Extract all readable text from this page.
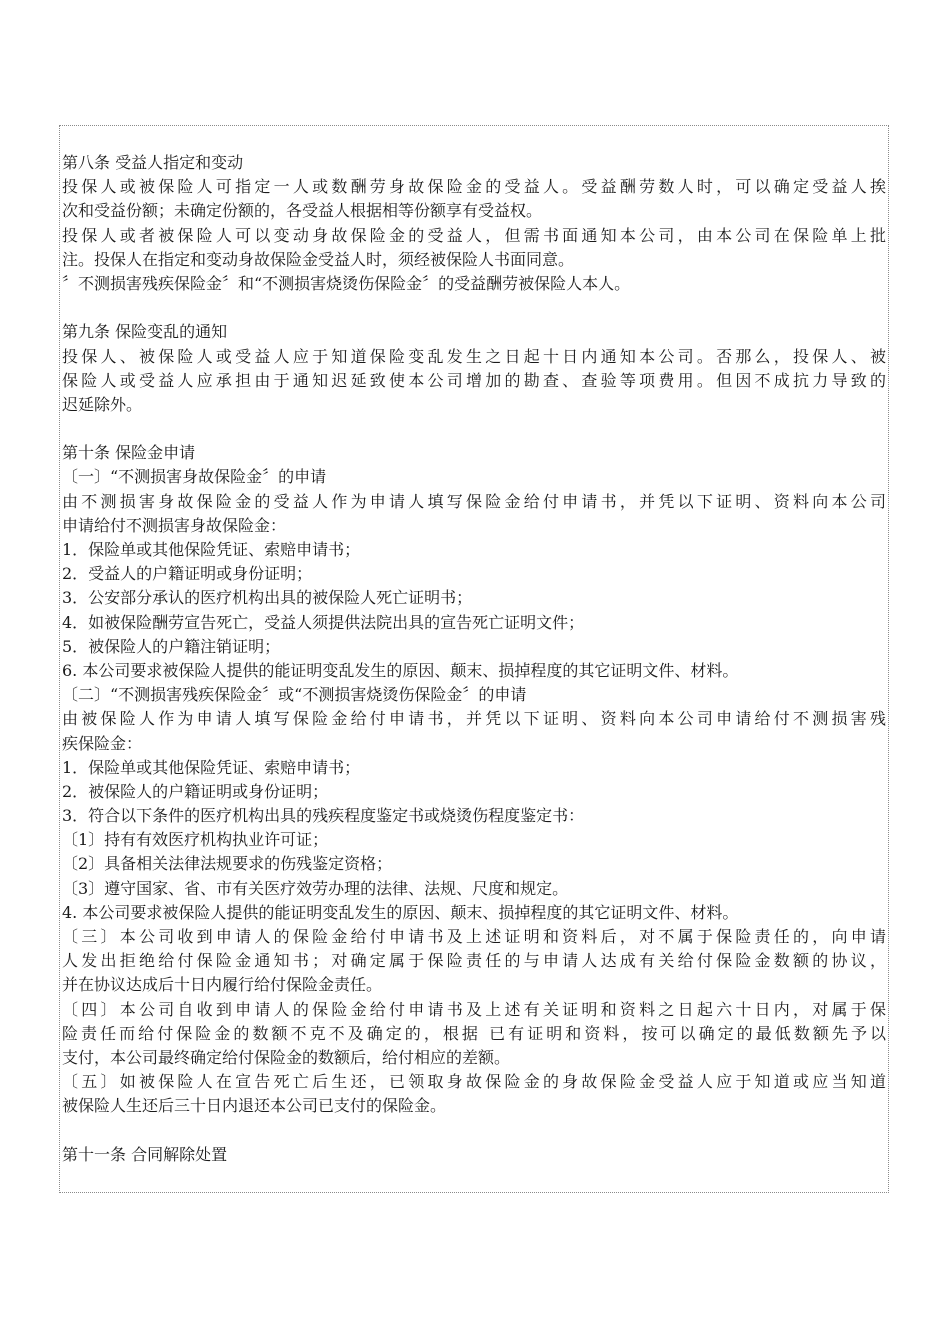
第八条 受益人指定和变动
投保人或被保险人可指定一人或数酬劳身故保险金的受益人。受益酬劳数人时，可以确定受益人挨
次和受益份额；未确定份额的，各受益人根据相等份额享有受益权。
投保人或者被保险人可以变动身故保险金的受益人，但需书面通知本公司，由本公司在保险单上批
注。投保人在指定和变动身故保险金受益人时，须经被保险人书面同意。
〞不测损害残疾保险金〞和“不测损害烧烫伤保险金〞的受益酬劳被保险人本人。
第九条 保险变乱的通知
投保人、被保险人或受益人应于知道保险变乱发生之日起十日内通知本公司。否那么，投保人、被
保险人或受益人应承担由于通知迟延致使本公司增加的勘查、查验等项费用。但因不成抗力导致的
迟延除外。
第十条 保险金申请
〔一〕“不测损害身故保险金〞的申请
由不测损害身故保险金的受益人作为申请人填写保险金给付申请书，并凭以下证明、资料向本公司
申请给付不测损害身故保险金：
1．保险单或其他保险凭证、索赔申请书；
2．受益人的户籍证明或身份证明；
3．公安部分承认的医疗机构出具的被保险人死亡证明书；
4．如被保险酬劳宣告死亡，受益人须提供法院出具的宣告死亡证明文件；
5．被保险人的户籍注销证明；
6. 本公司要求被保险人提供的能证明变乱发生的原因、颠末、损掉程度的其它证明文件、材料。
〔二〕“不测损害残疾保险金〞或“不测损害烧烫伤保险金〞的申请
由被保险人作为申请人填写保险金给付申请书，并凭以下证明、资料向本公司申请给付不测损害残
疾保险金：
1．保险单或其他保险凭证、索赔申请书；
2．被保险人的户籍证明或身份证明；
3．符合以下条件的医疗机构出具的残疾程度鉴定书或烧烫伤程度鉴定书：
〔1〕持有有效医疗机构执业许可证；
〔2〕具备相关法律法规要求的伤残鉴定资格；
〔3〕遵守国家、省、市有关医疗效劳办理的法律、法规、尺度和规定。
4. 本公司要求被保险人提供的能证明变乱发生的原因、颠末、损掉程度的其它证明文件、材料。
〔三〕本公司收到申请人的保险金给付申请书及上述证明和资料后，对不属于保险责任的，向申请
人发出拒绝给付保险金通知书；对确定属于保险责任的与申请人达成有关给付保险金数额的协议，
并在协议达成后十日内履行给付保险金责任。
〔四〕本公司自收到申请人的保险金给付申请书及上述有关证明和资料之日起六十日内，对属于保
险责任而给付保险金的数额不克不及确定的，根据 已有证明和资料，按可以确定的最低数额先予以
支付，本公司最终确定给付保险金的数额后，给付相应的差额。
〔五〕如被保险人在宣告死亡后生还，已领取身故保险金的身故保险金受益人应于知道或应当知道
被保险人生还后三十日内退还本公司已支付的保险金。
第十一条 合同解除处置
